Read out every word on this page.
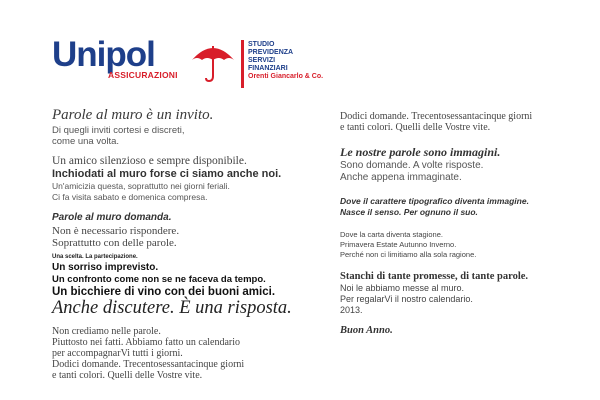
Unipol
ASSICURAZIONI
STUDIO
PREVIDENZA
SERVIZI
FINANZIARI
Orenti Giancarlo & Co.
Parole al muro è un invito.
Di quegli inviti cortesi e discreti,
come una volta.
Un amico silenzioso e sempre disponibile.
Inchiodati al muro forse ci siamo anche noi.
Un'amicizia questa, soprattutto nei giorni feriali.
Ci fa visita sabato e domenica compresa.
Parole al muro domanda.
Non è necessario rispondere.
Soprattutto con delle parole.
Una scelta. La partecipazione.
Un sorriso imprevisto.
Un confronto come non se ne faceva da tempo.
Un bicchiere di vino con dei buoni amici.
Anche discutere. È una risposta.
Non crediamo nelle parole.
Piuttosto nei fatti. Abbiamo fatto un calendario
per accompagnarVi tutti i giorni.
Dodici domande. Trecentosessantacinque giorni
e tanti colori. Quelli delle Vostre vite.
Dodici domande. Trecentosessantacinque giorni
e tanti colori. Quelli delle Vostre vite.
Le nostre parole sono immagini.
Sono domande. A volte risposte.
Anche appena immaginate.
Dove il carattere tipografico diventa immagine.
Nasce il senso. Per ognuno il suo.
Dove la carta diventa stagione.
Primavera Estate Autunno Inverno.
Perché non ci limitiamo alla sola ragione.
Stanchi di tante promesse, di tante parole.
Noi le abbiamo messe al muro.
Per regalarVi il nostro calendario.
2013.
Buon Anno.
